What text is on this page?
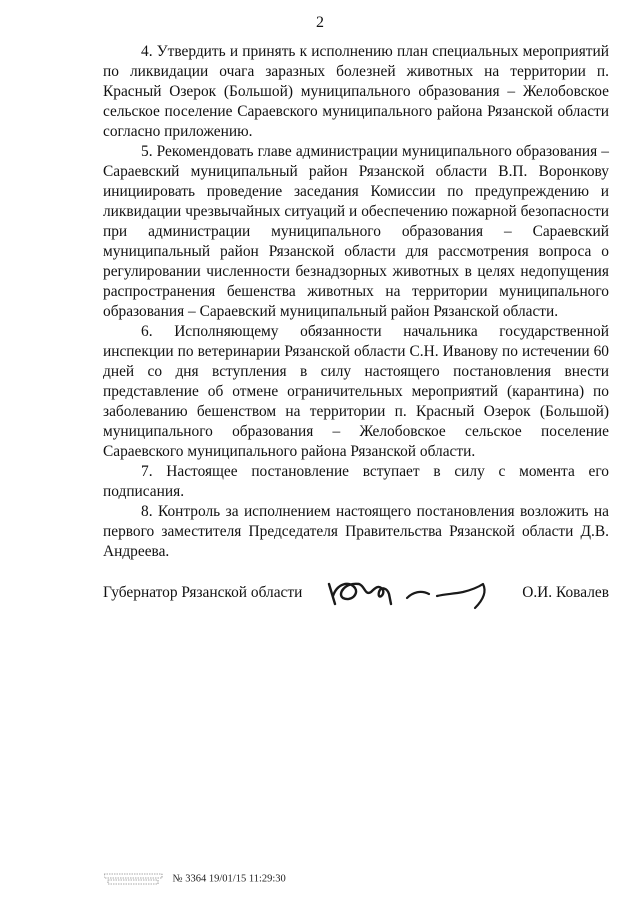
2

4. Утвердить и принять к исполнению план специальных мероприятий по ликвидации очага заразных болезней животных на территории п. Красный Озерок (Большой) муниципального образования – Желобовское сельское поселение Сараевского муниципального района Рязанской области согласно приложению.

5. Рекомендовать главе администрации муниципального образования – Сараевский муниципальный район Рязанской области В.П. Воронкову инициировать проведение заседания Комиссии по предупреждению и ликвидации чрезвычайных ситуаций и обеспечению пожарной безопасности при администрации муниципального образования – Сараевский муниципальный район Рязанской области для рассмотрения вопроса о регулировании численности безнадзорных животных в целях недопущения распространения бешенства животных на территории муниципального образования – Сараевский муниципальный район Рязанской области.

6. Исполняющему обязанности начальника государственной инспекции по ветеринарии Рязанской области С.Н. Иванову по истечении 60 дней со дня вступления в силу настоящего постановления внести представление об отмене ограничительных мероприятий (карантина) по заболеванию бешенством на территории п. Красный Озерок (Большой) муниципального образования – Желобовское сельское поселение Сараевского муниципального района Рязанской области.

7. Настоящее постановление вступает в силу с момента его подписания.

8. Контроль за исполнением настоящего постановления возложить на первого заместителя Председателя Правительства Рязанской области Д.В. Андреева.

Губернатор Рязанской области	О.И. Ковалев
№ 3364 19/01/15 11:29:30
